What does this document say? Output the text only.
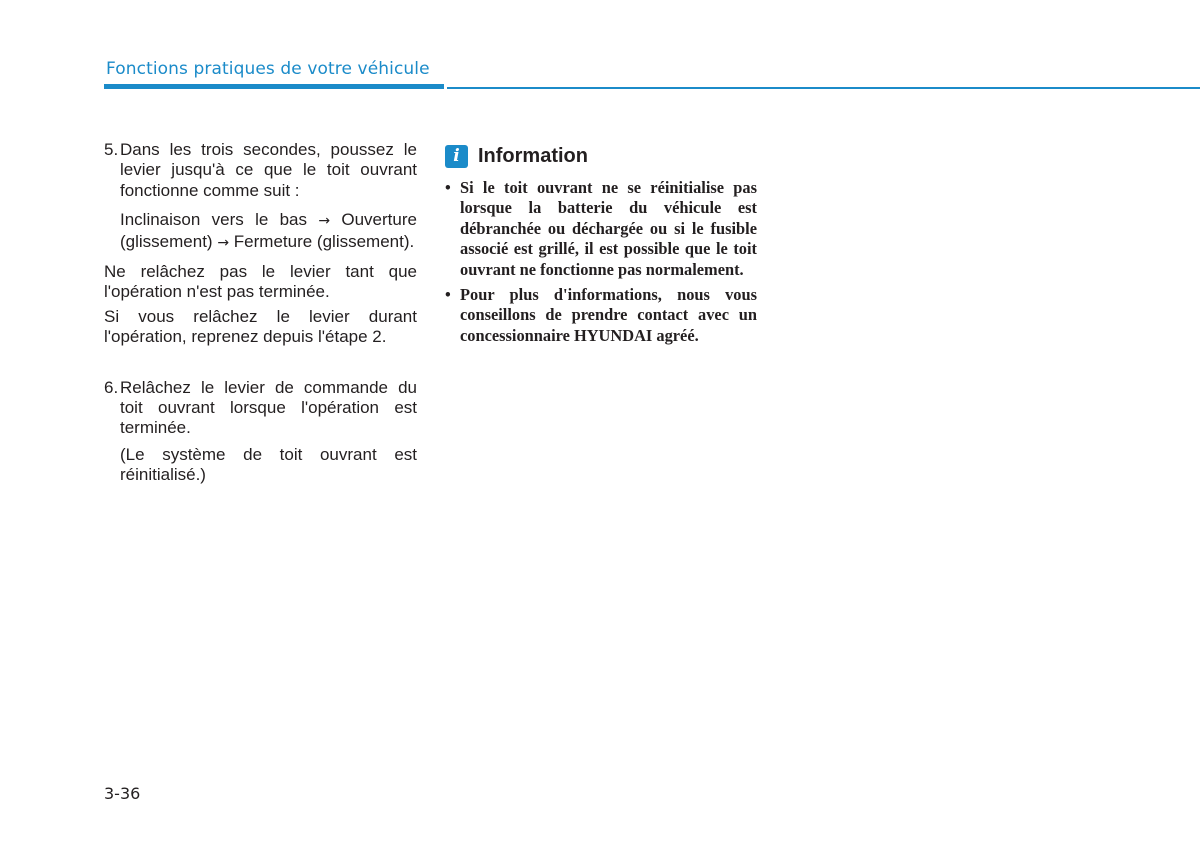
Fonctions pratiques de votre véhicule
5. Dans les trois secondes, poussez le levier jusqu'à ce que le toit ouvrant fonctionne comme suit :

Inclinaison vers le bas → Ouverture (glissement) → Fermeture (glissement).

Ne relâchez pas le levier tant que l'opération n'est pas terminée.

Si vous relâchez le levier durant l'opération, reprenez depuis l'étape 2.

6. Relâchez le levier de commande du toit ouvrant lorsque l'opération est terminée.

(Le système de toit ouvrant est réinitialisé.)

i Information
• Si le toit ouvrant ne se réinitialise pas lorsque la batterie du véhicule est débranchée ou déchargée ou si le fusible associé est grillé, il est possible que le toit ouvrant ne fonctionne pas normalement.
• Pour plus d'informations, nous vous conseillons de prendre contact avec un concessionnaire HYUNDAI agréé.
3-36
